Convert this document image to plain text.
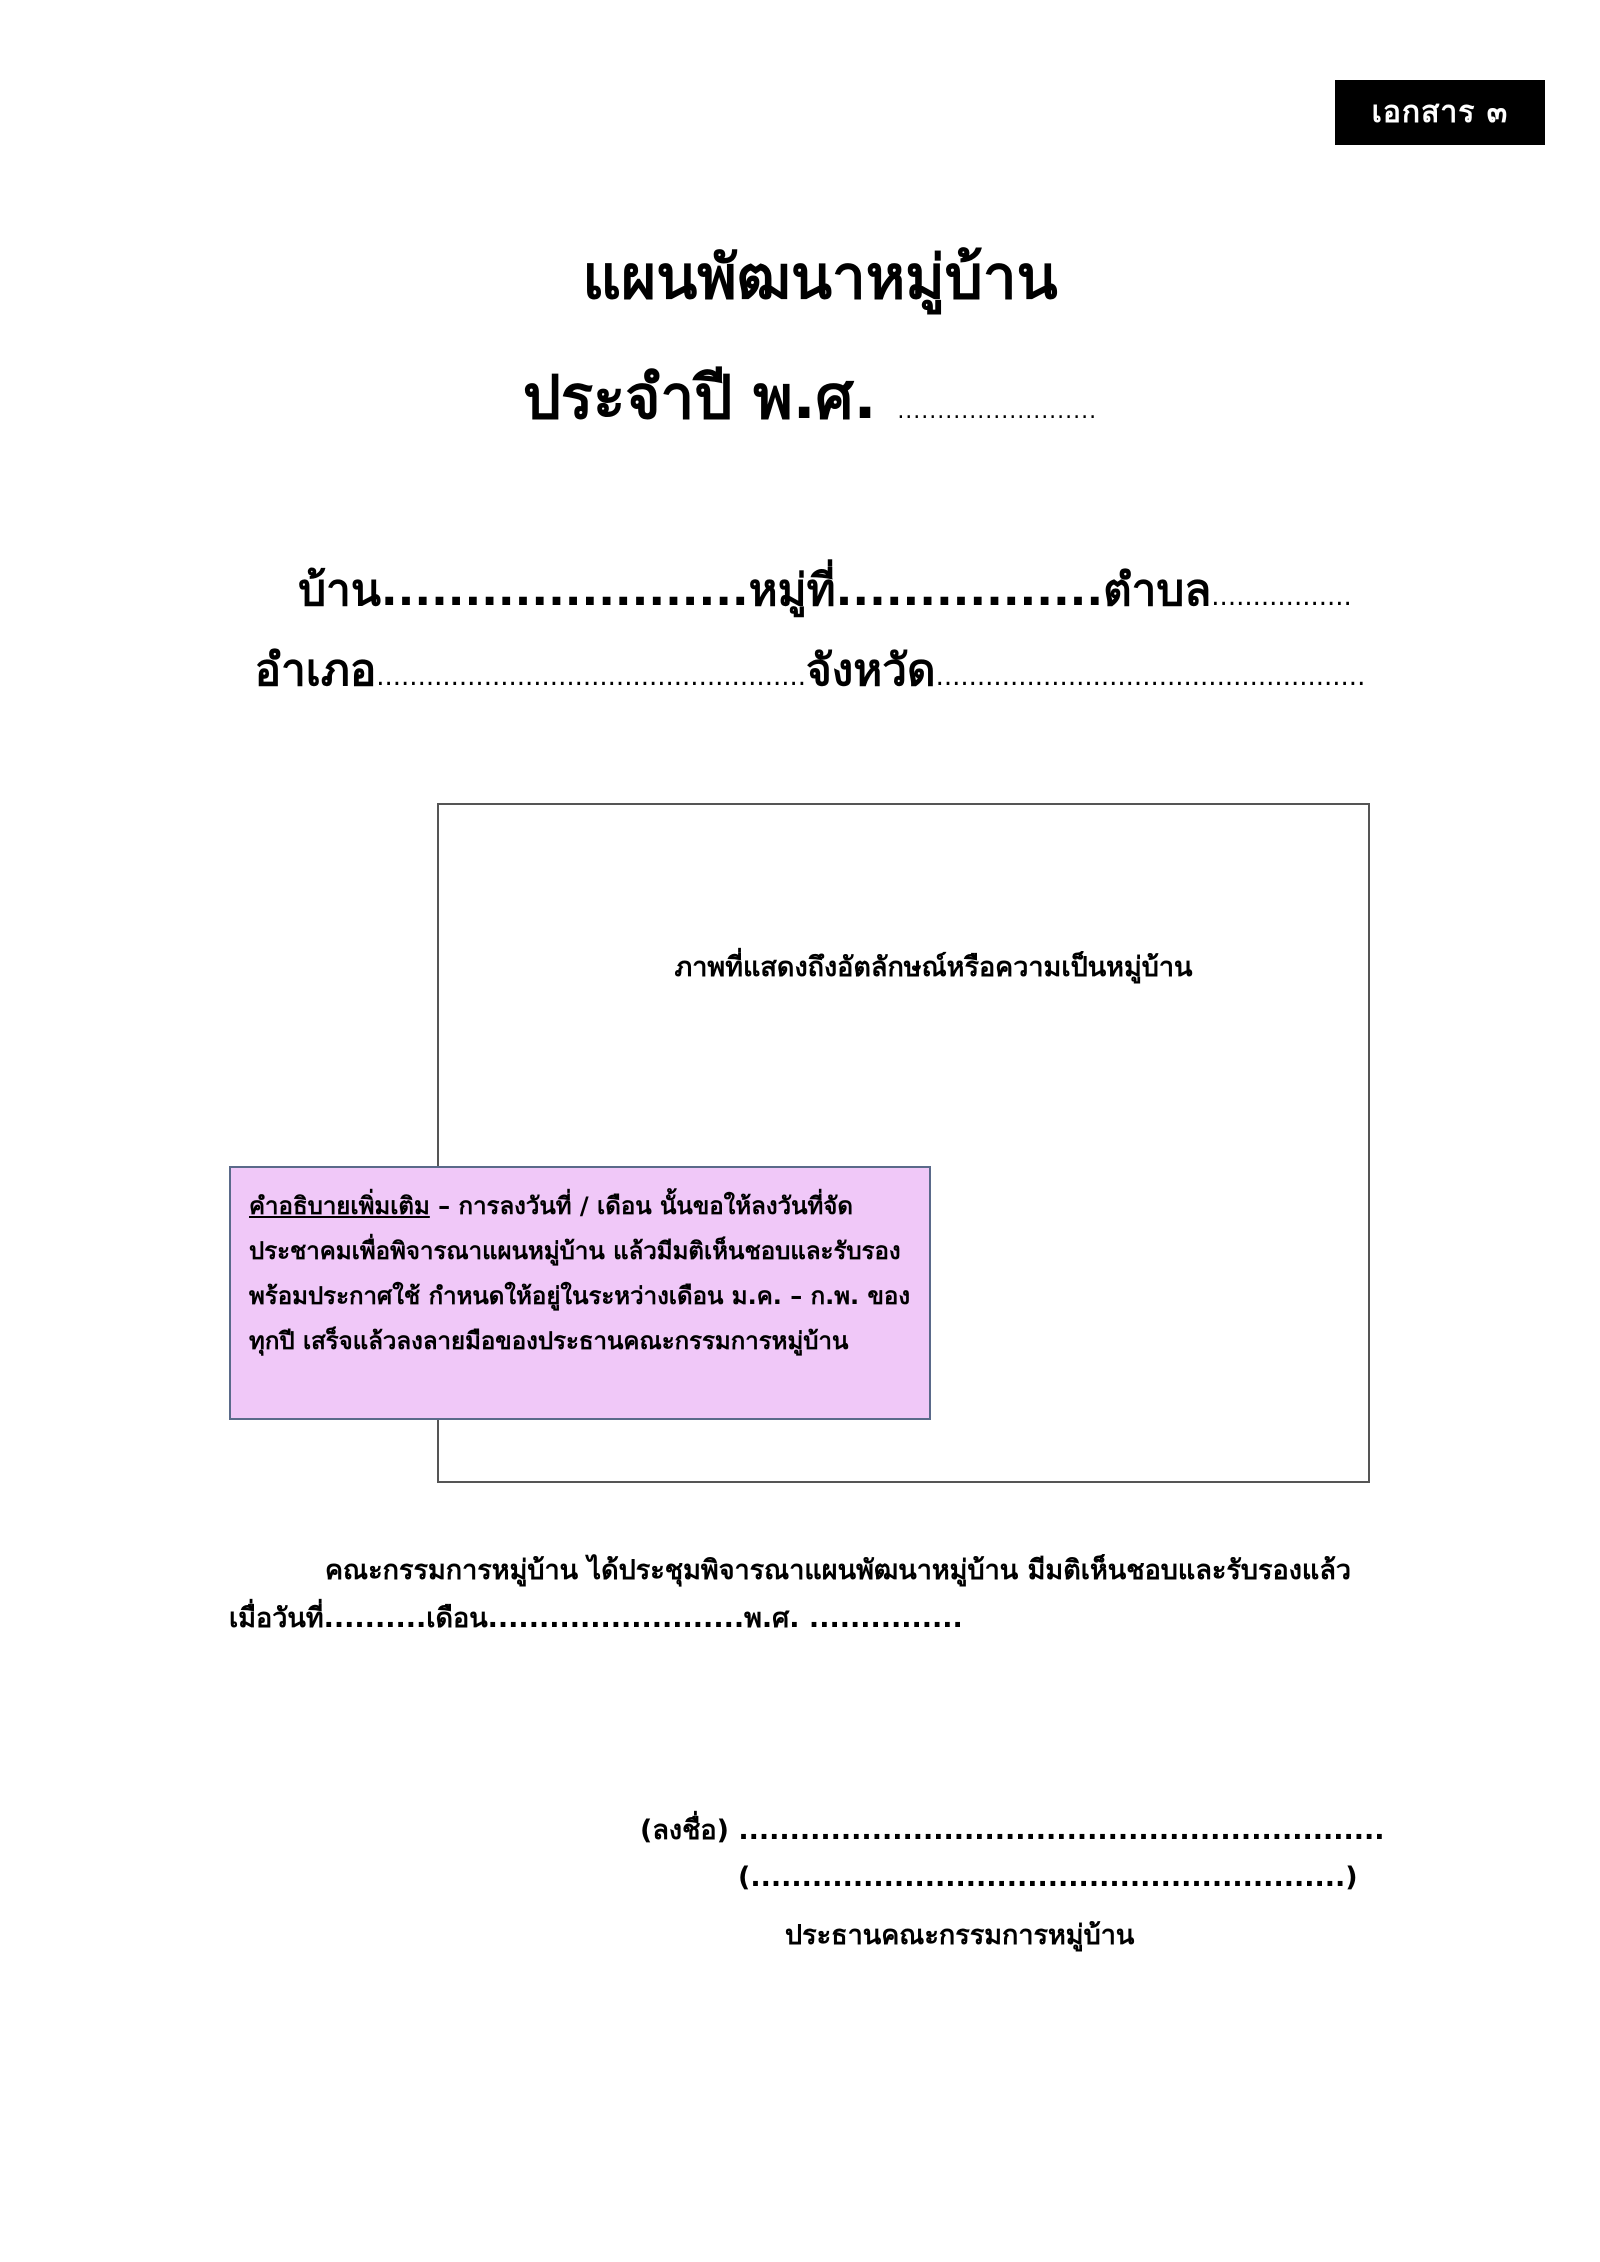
เอกสาร ๓
แผนพัฒนาหมู่บ้าน
ประจำปี พ.ศ. .........................
บ้าน......................หมู่ที่................ตำบล.................
อำเภอ....................................................จังหวัด....................................................
ภาพที่แสดงถึงอัตลักษณ์หรือความเป็นหมู่บ้าน
คำอธิบายเพิ่มเติม – การลงวันที่ / เดือน นั้นขอให้ลงวันที่จัดประชาคมเพื่อพิจารณาแผนหมู่บ้าน แล้วมีมติเห็นชอบและรับรอง พร้อมประกาศใช้ กำหนดให้อยู่ในระหว่างเดือน ม.ค. – ก.พ. ของทุกปี เสร็จแล้วลงลายมือของประธานคณะกรรมการหมู่บ้าน
คณะกรรมการหมู่บ้าน ได้ประชุมพิจารณาแผนพัฒนาหมู่บ้าน มีมติเห็นชอบและรับรองแล้ว เมื่อวันที่..........เดือน.........................พ.ศ. ...............
(ลงชื่อ) ...............................................................
(..........................................................)
ประธานคณะกรรมการหมู่บ้าน
